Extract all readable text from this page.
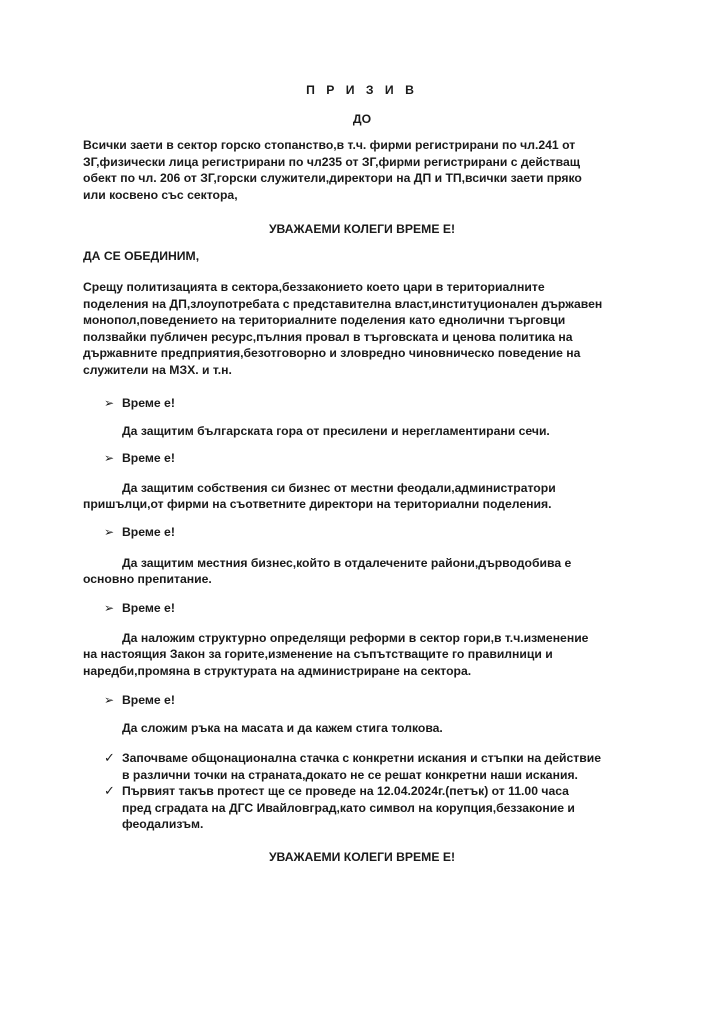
П Р И З И В
ДО
Всички заети в сектор горско стопанство,в т.ч. фирми регистрирани по чл.241 от
ЗГ,физически лица регистрирани по чл235 от ЗГ,фирми регистрирани с действащ
обект по чл. 206 от ЗГ,горски служители,директори на ДП и ТП,всички заети пряко
или косвено със сектора,
УВАЖАЕМИ КОЛЕГИ ВРЕМЕ Е!
ДА СЕ ОБЕДИНИМ,
Срещу политизацията в сектора,беззаконието което цари в териториалните
поделения на ДП,злоупотребата с представителна власт,институционален държавен
монопол,поведението на териториалните поделения като еднолични търговци
ползвайки публичен ресурс,пълния провал в търговската и ценова политика на
държавните предприятия,безотговорно и зловредно чиновническо поведение на
служители на МЗХ. и т.н.
➢ Време е!
Да защитим българската гора от пресилени и нерегламентирани сечи.
➢ Време е!
Да защитим собствения си бизнес от местни феодали,администратори
пришълци,от фирми на съответните директори на териториални поделения.
➢ Време е!
Да защитим местния бизнес,който в отдалечените райони,дърводобива е
основно препитание.
➢ Време е!
Да наложим структурно определящи реформи в сектор гори,в т.ч.изменение
на настоящия Закон за горите,изменение на съпътстващите го правилници и
наредби,промяна в структурата на администриране на сектора.
➢ Време е!
Да сложим ръка на масата и да кажем стига толкова.
✓ Започваме общонационална стачка с конкретни искания и стъпки на действие
в различни точки на страната,докато не се решат конкретни наши искания.
✓ Първият такъв протест ще се проведе на 12.04.2024г.(петък) от 11.00 часа
пред сградата на ДГС Ивайловград,като символ на корупция,беззаконие и
феодализъм.
УВАЖАЕМИ КОЛЕГИ ВРЕМЕ Е!
